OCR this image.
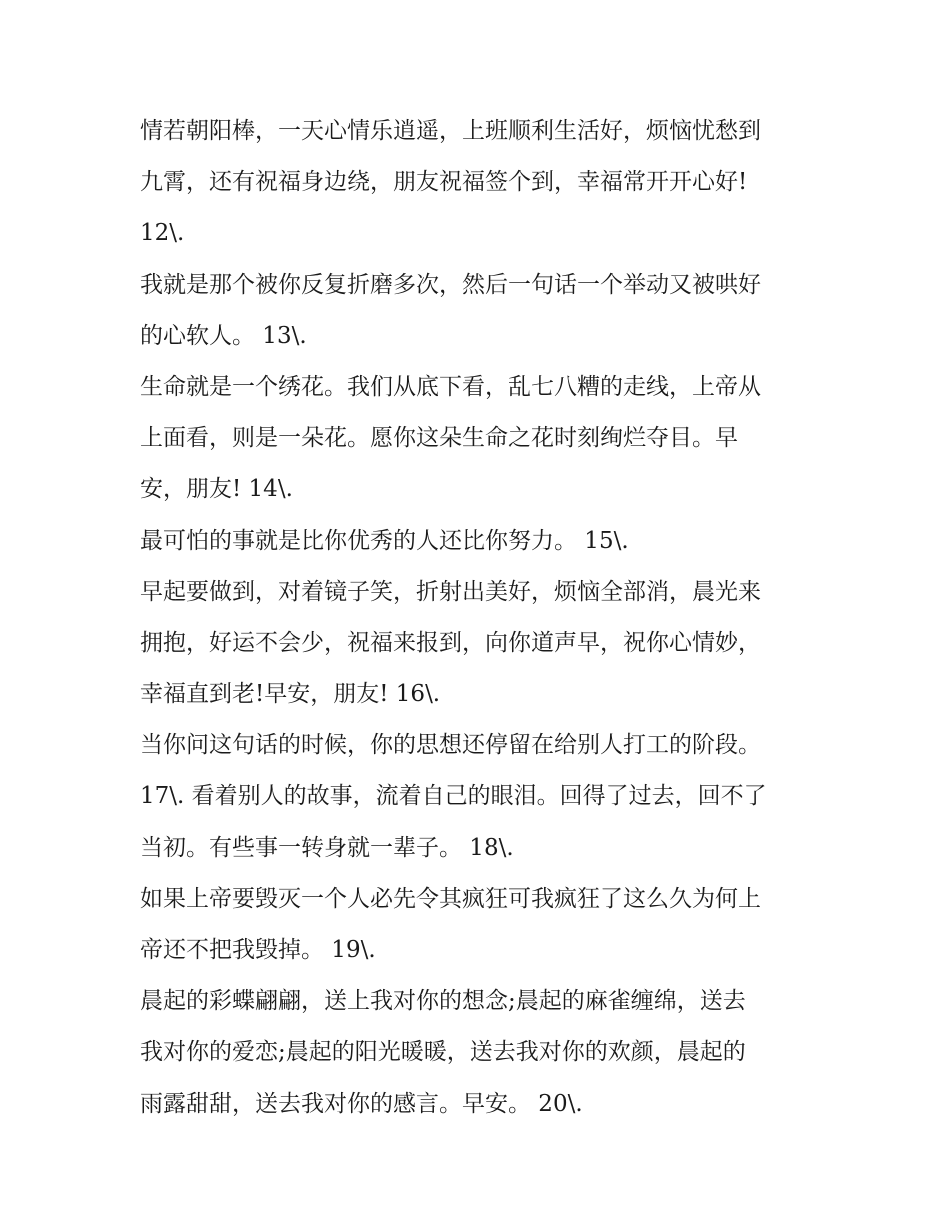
情若朝阳棒，一天心情乐逍遥，上班顺利生活好，烦恼忧愁到
九霄，还有祝福身边绕，朋友祝福签个到，幸福常开开心好!
12\.
我就是那个被你反复折磨多次，然后一句话一个举动又被哄好
的心软人。 13\.
生命就是一个绣花。我们从底下看，乱七八糟的走线，上帝从
上面看，则是一朵花。愿你这朵生命之花时刻绚烂夺目。早
安，朋友! 14\.
最可怕的事就是比你优秀的人还比你努力。 15\.
早起要做到，对着镜子笑，折射出美好，烦恼全部消，晨光来
拥抱，好运不会少，祝福来报到，向你道声早，祝你心情妙，
幸福直到老!早安，朋友! 16\.
当你问这句话的时候，你的思想还停留在给别人打工的阶段。
17\. 看着别人的故事，流着自己的眼泪。回得了过去，回不了
当初。有些事一转身就一辈子。 18\.
如果上帝要毁灭一个人必先令其疯狂可我疯狂了这么久为何上
帝还不把我毁掉。 19\.
晨起的彩蝶翩翩，送上我对你的想念;晨起的麻雀缠绵，送去
我对你的爱恋;晨起的阳光暖暖，送去我对你的欢颜，晨起的
雨露甜甜，送去我对你的感言。早安。 20\.
